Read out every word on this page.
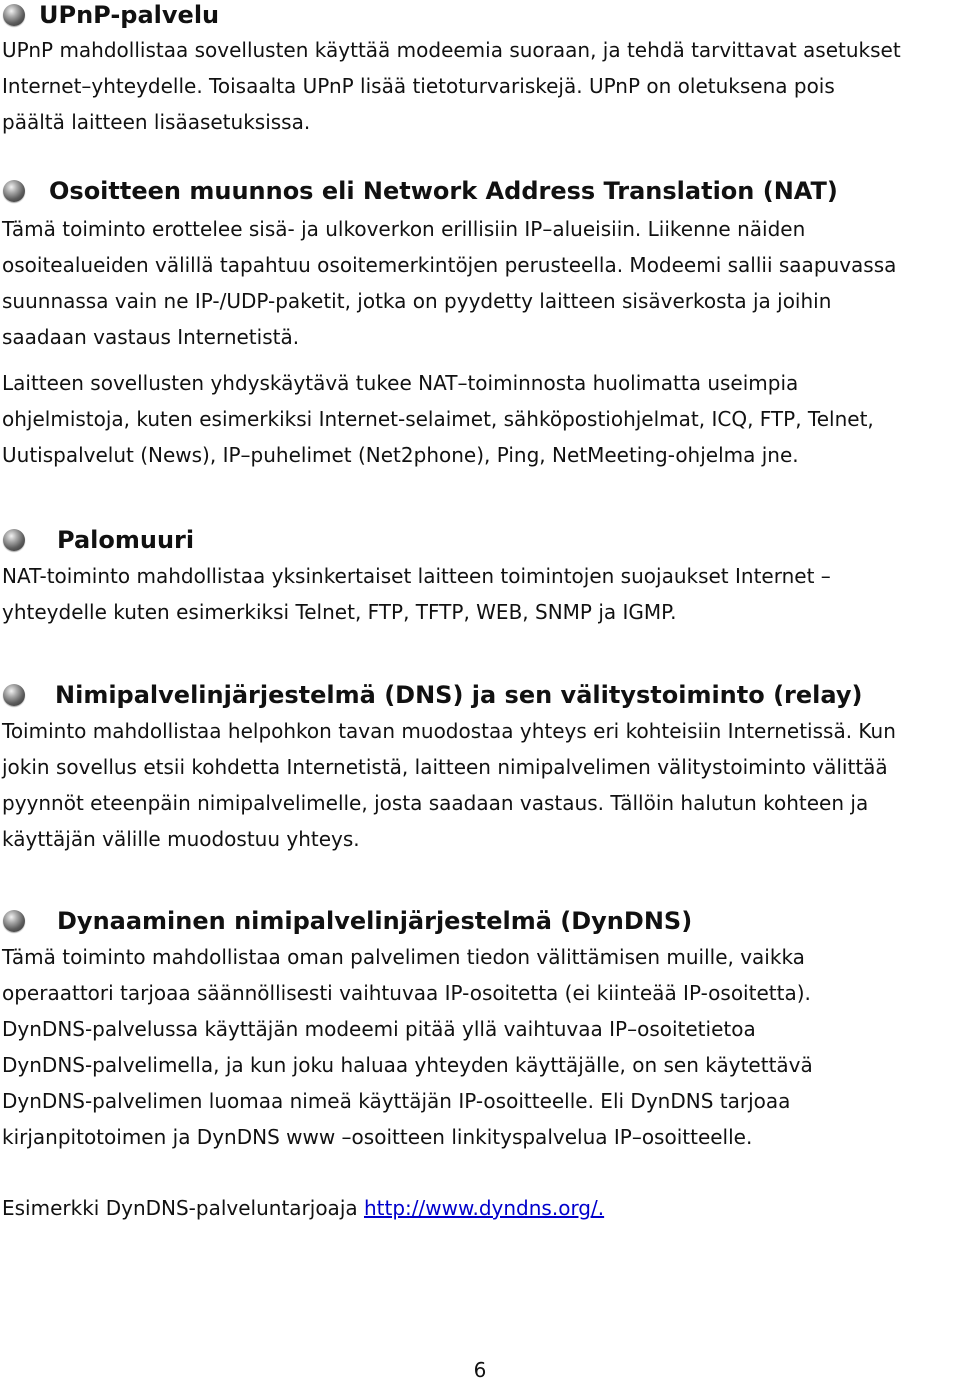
UPnP-palvelu

UPnP mahdollistaa sovellusten käyttää modeemia suoraan, ja tehdä tarvittavat asetukset

Internet–yhteydelle. Toisaalta UPnP lisää tietoturvariskejä. UPnP on oletuksena pois

päältä laitteen lisäasetuksissa.

Osoitteen muunnos eli Network Address Translation (NAT)

Tämä toiminto erottelee sisä- ja ulkoverkon erillisiin IP–alueisiin. Liikenne näiden

osoitealueiden välillä tapahtuu osoitemerkintöjen perusteella. Modeemi sallii saapuvassa

suunnassa vain ne IP-/UDP-paketit, jotka on pyydetty laitteen sisäverkosta ja joihin

saadaan vastaus Internetistä.

Laitteen sovellusten yhdyskäytävä tukee NAT–toiminnosta huolimatta useimpia

ohjelmistoja, kuten esimerkiksi Internet-selaimet, sähköpostiohjelmat, ICQ, FTP, Telnet,

Uutispalvelut (News), IP–puhelimet (Net2phone), Ping, NetMeeting-ohjelma jne.

Palomuuri

NAT-toiminto mahdollistaa yksinkertaiset laitteen toimintojen suojaukset Internet –

yhteydelle kuten esimerkiksi Telnet, FTP, TFTP, WEB, SNMP ja IGMP.

Nimipalvelinjärjestelmä (DNS) ja sen välitystoiminto (relay)

Toiminto mahdollistaa helpohkon tavan muodostaa yhteys eri kohteisiin Internetissä. Kun

jokin sovellus etsii kohdetta Internetistä, laitteen nimipalvelimen välitystoiminto välittää

pyynnöt eteenpäin nimipalvelimelle, josta saadaan vastaus. Tällöin halutun kohteen ja

käyttäjän välille muodostuu yhteys.

Dynaaminen nimipalvelinjärjestelmä (DynDNS)

Tämä toiminto mahdollistaa oman palvelimen tiedon välittämisen muille, vaikka

operaattori tarjoaa säännöllisesti vaihtuvaa IP-osoitetta (ei kiinteää IP-osoitetta).

DynDNS-palvelussa käyttäjän modeemi pitää yllä vaihtuvaa IP–osoitetietoa

DynDNS-palvelimella, ja kun joku haluaa yhteyden käyttäjälle, on sen käytettävä

DynDNS-palvelimen luomaa nimeä käyttäjän IP-osoitteelle. Eli DynDNS tarjoaa

kirjanpitotoimen ja DynDNS www –osoitteen linkityspalvelua IP–osoitteelle.

Esimerkki DynDNS-palveluntarjoaja http://www.dyndns.org/.

6
